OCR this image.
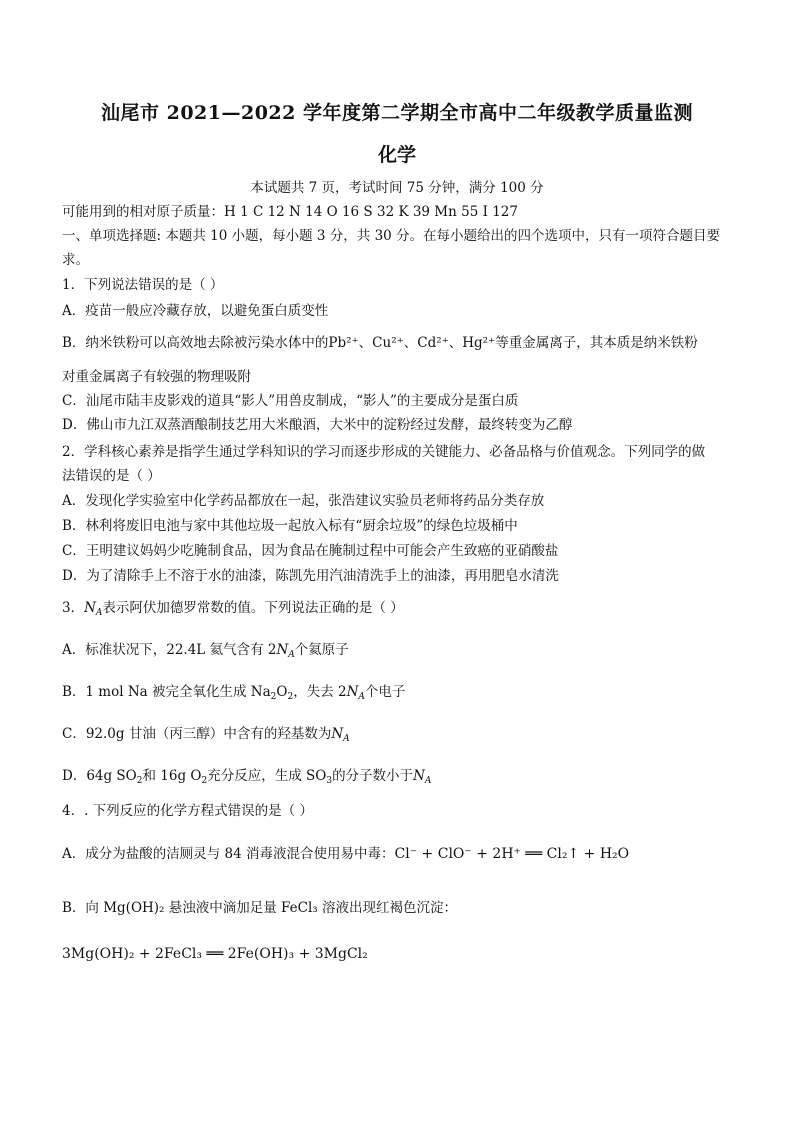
汕尾市 2021—2022 学年度第二学期全市高中二年级教学质量监测
化学
本试题共 7 页，考试时间 75 分钟，满分 100 分
可能用到的相对原子质量：H 1 C 12 N 14 O 16 S 32 K 39 Mn 55 I 127
一、单项选择题: 本题共 10 小题，每小题 3 分，共 30 分。在每小题给出的四个选项中，只有一项符合题目要
求。
1．下列说法错误的是（ ）
A．疫苗一般应冷藏存放，以避免蛋白质变性
B．纳米铁粉可以高效地去除被污染水体中的Pb²⁺、Cu²⁺、Cd²⁺、Hg²⁺等重金属离子，其本质是纳米铁粉
对重金属离子有较强的物理吸附
C．汕尾市陆丰皮影戏的道具“影人”用兽皮制成，“影人”的主要成分是蛋白质
D．佛山市九江双蒸酒酿制技艺用大米酿酒，大米中的淀粉经过发酵，最终转变为乙醇
2．学科核心素养是指学生通过学科知识的学习而逐步形成的关键能力、必备品格与价值观念。下列同学的做
法错误的是（ ）
A．发现化学实验室中化学药品都放在一起，张浩建议实验员老师将药品分类存放
B．林利将废旧电池与家中其他垃圾一起放入标有“厨余垃圾”的绿色垃圾桶中
C．王明建议妈妈少吃腌制食品，因为食品在腌制过程中可能会产生致癌的亚硝酸盐
D．为了清除手上不溶于水的油漆，陈凯先用汽油清洗手上的油漆，再用肥皂水清洗
3．$N_A$表示阿伏加德罗常数的值。下列说法正确的是（ ）
A．标准状况下，22.4L 氦气含有 $2N_A$个氦原子
B．1 mol Na 被完全氧化生成 $Na_2O_2$，失去 $2N_A$个电子
C．92.0g 甘油（丙三醇）中含有的羟基数为$N_A$
D．64g $SO_2$和 16g $O_2$充分反应，生成 $SO_3$的分子数小于$N_A$
4．. 下列反应的化学方程式错误的是（ ）
A．成分为盐酸的洁厕灵与 84 消毒液混合使用易中毒：Cl⁻ + ClO⁻ + 2H⁺ ══ Cl₂↑ + H₂O
B．向 Mg(OH)₂ 悬浊液中滴加足量 FeCl₃ 溶液出现红褐色沉淀：
3Mg(OH)₂ + 2FeCl₃ ══ 2Fe(OH)₃ + 3MgCl₂
